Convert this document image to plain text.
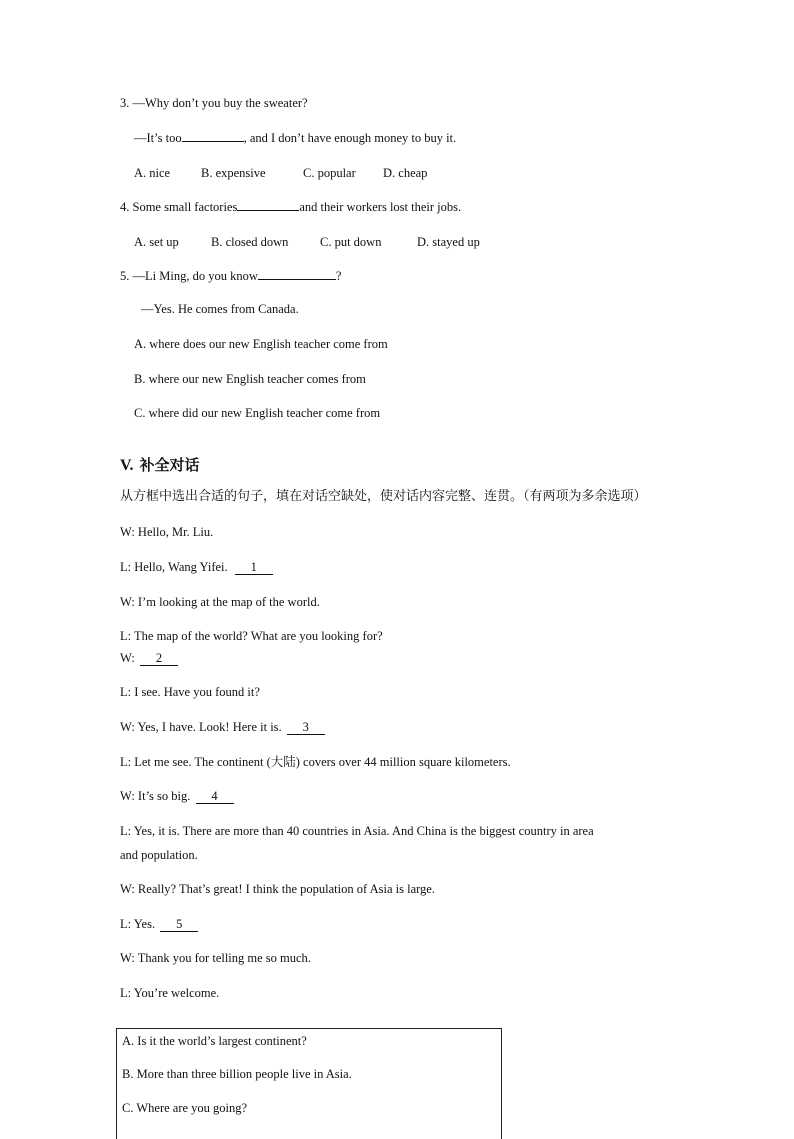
3. —Why don’t you buy the sweater?
—It’s too	, and I don’t have enough money to buy it.
A. nice B. expensive	C. popular D. cheap
4. Some small factories	and their workers lost their jobs.
A. set up	B. closed down	C. put down	D. stayed up
5. —Li Ming, do you know	?
—Yes. He comes from Canada.
A. where does our new English teacher come from
B. where our new English teacher comes from
C. where did our new English teacher come from
V. 补全对话
从方框中选出合适的句子，填在对话空缺处，使对话内容完整、连贯。（有两项为多余选项）
W: Hello, Mr. Liu.
L: Hello, Wang Yifei. 1
W: I’m looking at the map of the world.
L: The map of the world? What are you looking for?
W: 2
L: I see. Have you found it?
W: Yes, I have. Look! Here it is. 3
L: Let me see. The continent (大陆) covers over 44 million square kilometers.
W: It’s so big. 4
L: Yes, it is. There are more than 40 countries in Asia. And China is the biggest country in area
and population.
W: Really? That’s great! I think the population of Asia is large.
L: Yes. 5
W: Thank you for telling me so much.
L: You’re welcome.
A. Is it the world’s largest continent?
B. More than three billion people live in Asia.
C. Where are you going?
